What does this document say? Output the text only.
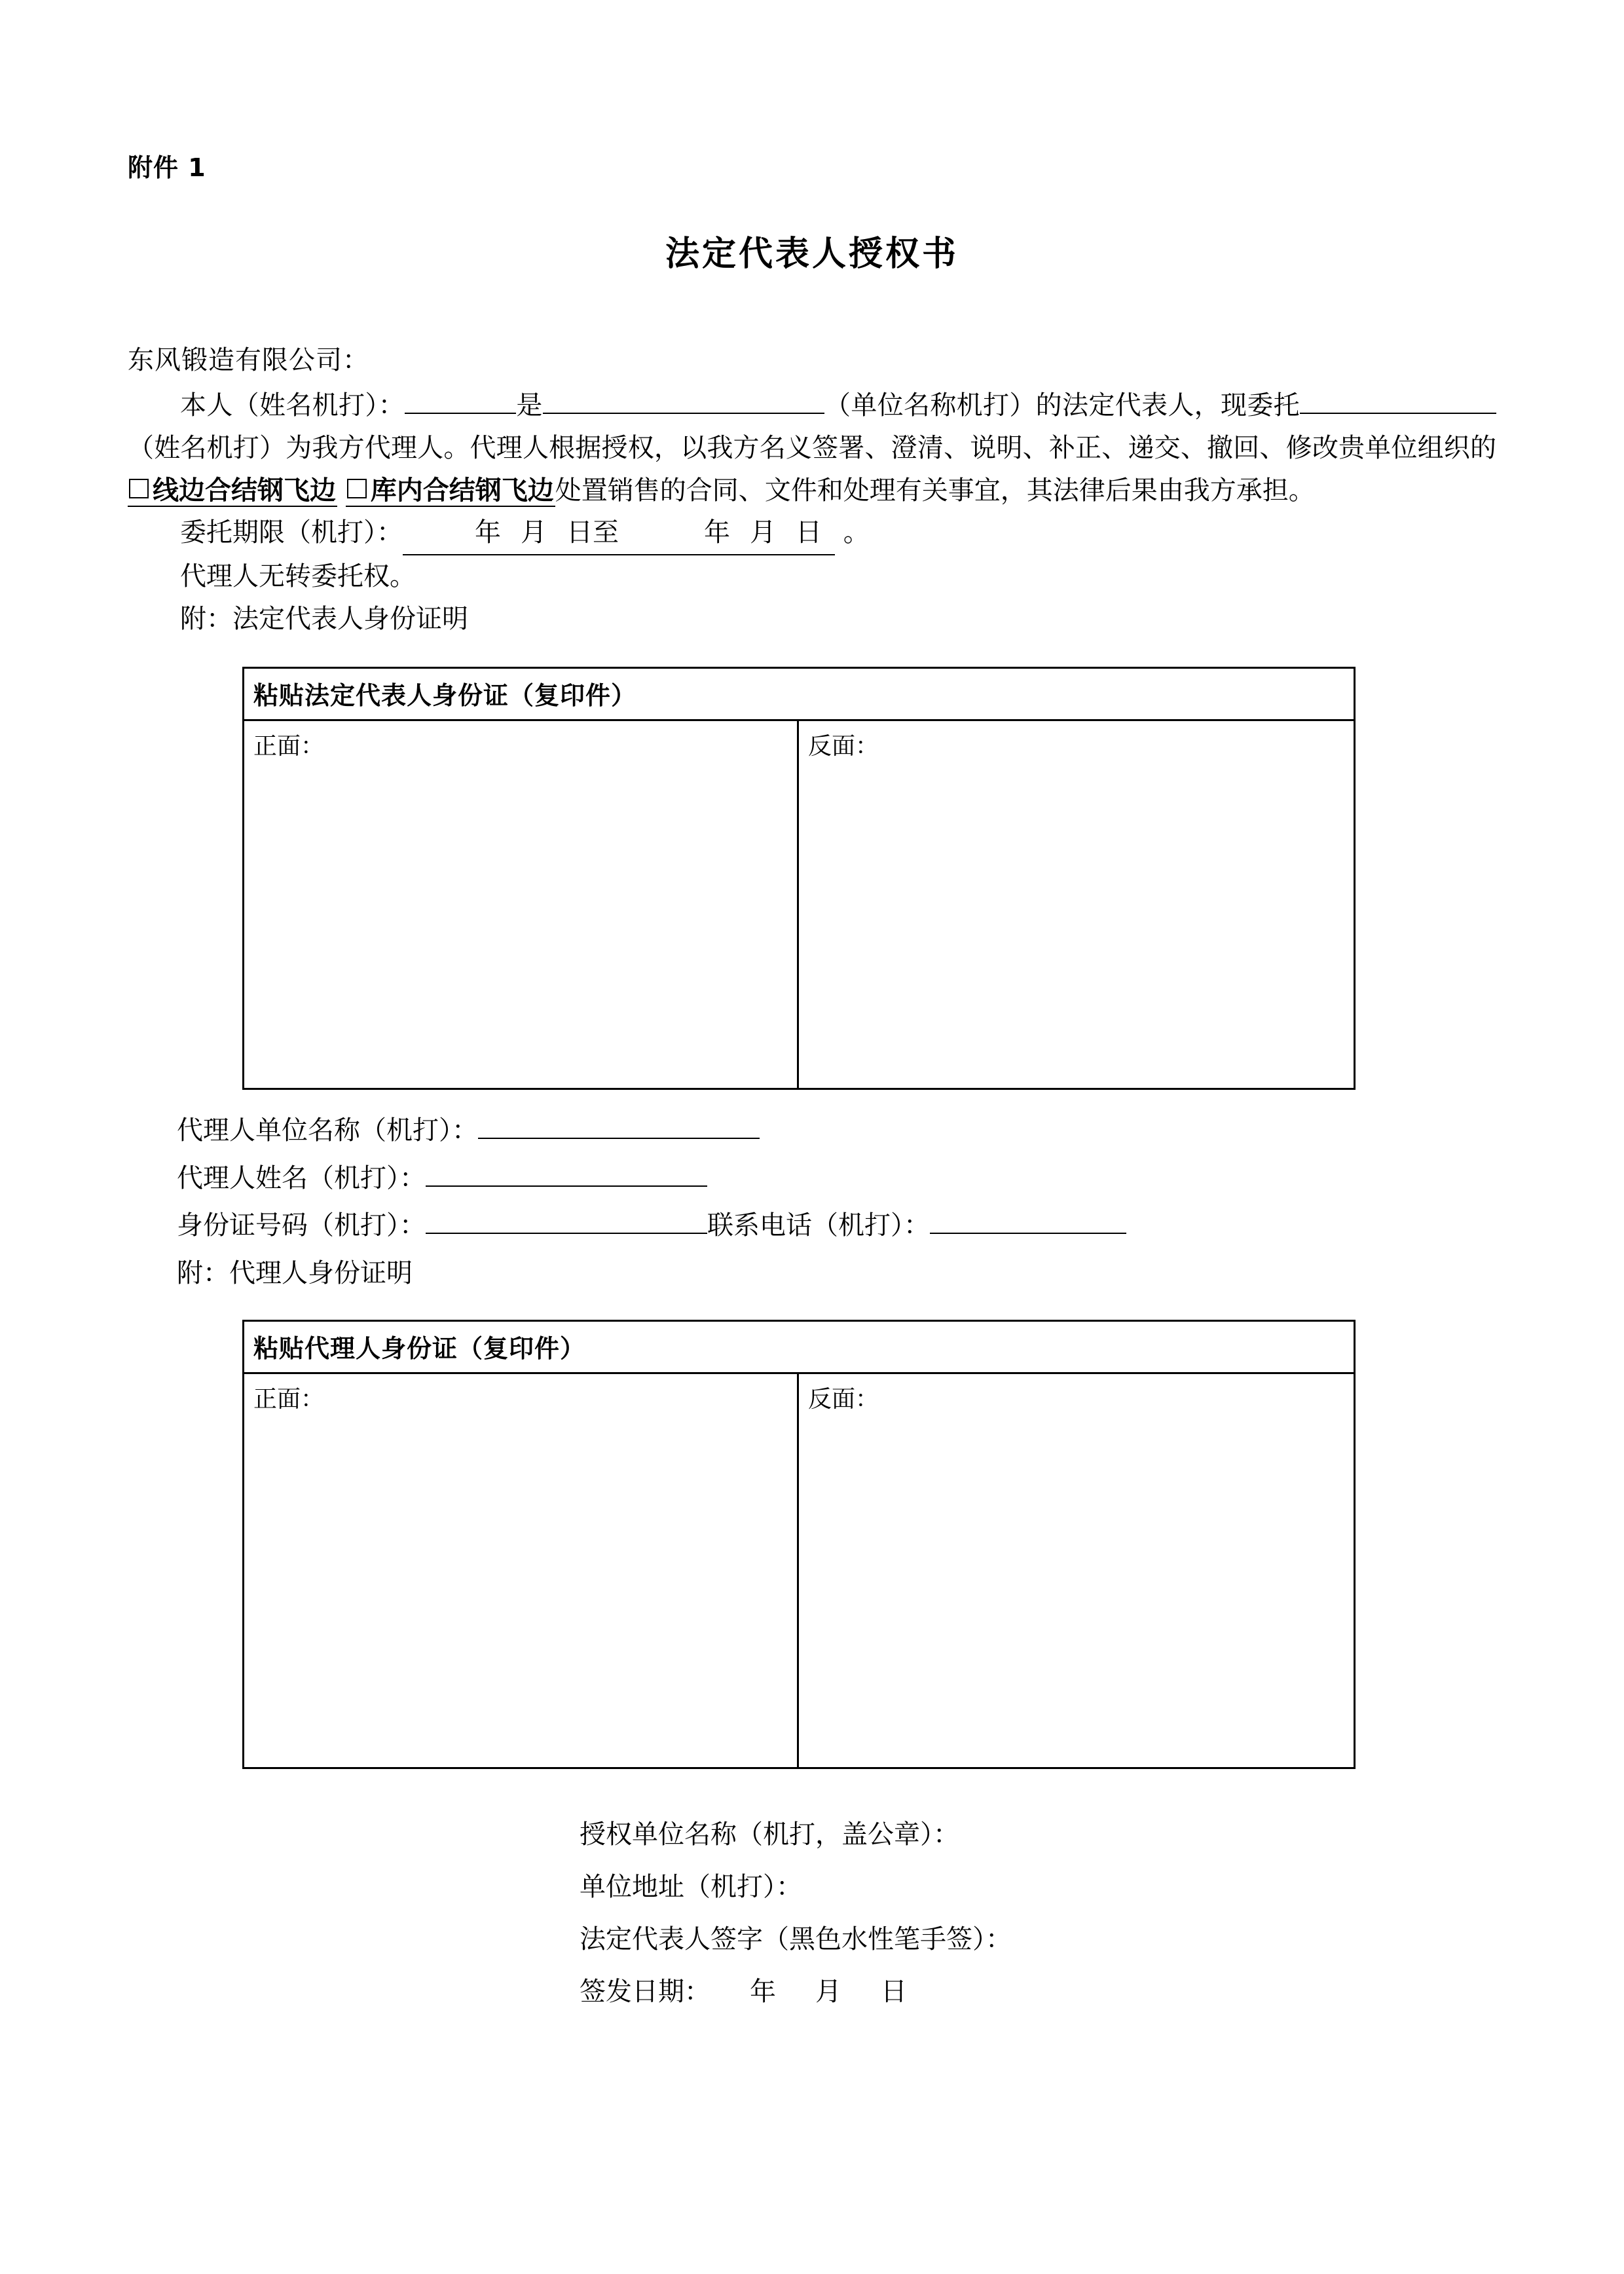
附件 1
法定代表人授权书
东风锻造有限公司：

本人（姓名机打）：	是	（单位名称机打）的法定代表人，现委托（姓名机打）为我方代理人。代理人根据授权，以我方名义签署、澄清、说明、补正、递交、撤回、修改贵单位组织的 线边合结钢飞边 库内合结钢飞边处置销售的合同、文件和处理有关事宜，其法律后果由我方承担。

委托期限（机打）：	年 月 日至	年 月 日 。

代理人无转委托权。

附：法定代表人身份证明

粘贴法定代表人身份证（复印件）
正面：	反面：

代理人单位名称（机打）：

代理人姓名（机打）：

身份证号码（机打）：	联系电话（机打）：

附：代理人身份证明

粘贴代理人身份证（复印件）
正面：	反面：

授权单位名称（机打，盖公章）：

单位地址（机打）：

法定代表人签字（黑色水性笔手签）：

签发日期： 年 月 日
